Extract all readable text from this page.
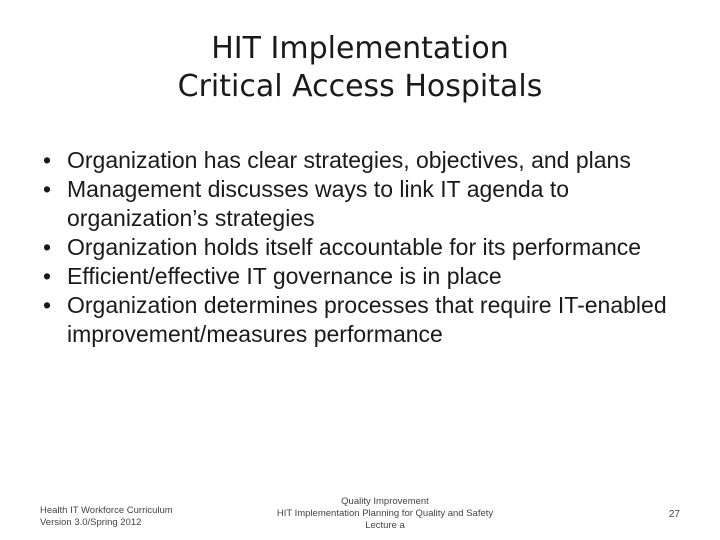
HIT Implementation
Critical Access Hospitals
• Organization has clear strategies, objectives, and plans
• Management discusses ways to link IT agenda to organization’s strategies
• Organization holds itself accountable for its performance
• Efficient/effective IT governance is in place
• Organization determines processes that require IT-enabled improvement/measures performance
Health IT Workforce Curriculum
Version 3.0/Spring 2012
Quality Improvement
HIT Implementation Planning for Quality and Safety
Lecture a
27
